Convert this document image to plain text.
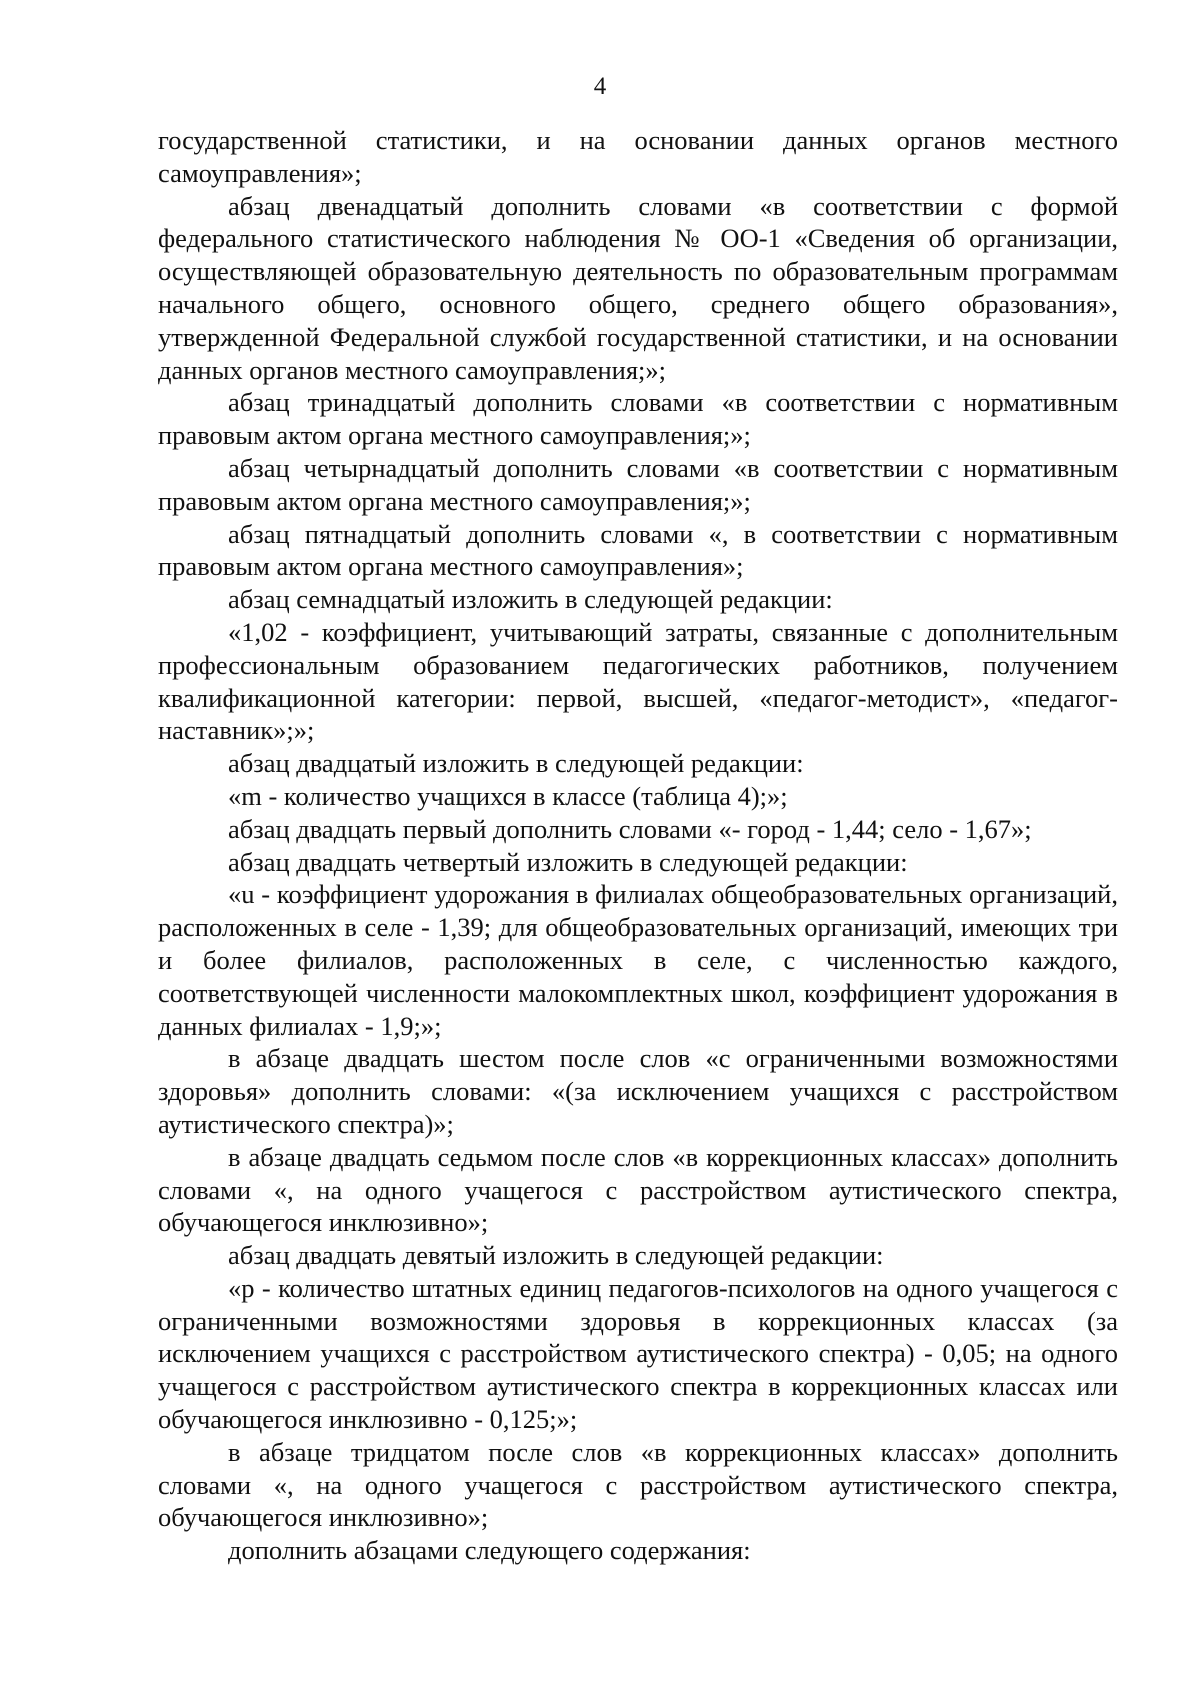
4

государственной статистики, и на основании данных органов местного самоуправления»;

абзац двенадцатый дополнить словами «в соответствии с формой федерального статистического наблюдения № ОО-1 «Сведения об организации, осуществляющей образовательную деятельность по образовательным программам начального общего, основного общего, среднего общего образования», утвержденной Федеральной службой государственной статистики, и на основании данных органов местного самоуправления;»;

абзац тринадцатый дополнить словами «в соответствии с нормативным правовым актом органа местного самоуправления;»;

абзац четырнадцатый дополнить словами «в соответствии с нормативным правовым актом органа местного самоуправления;»;

абзац пятнадцатый дополнить словами «, в соответствии с нормативным правовым актом органа местного самоуправления»;

абзац семнадцатый изложить в следующей редакции:

«1,02 - коэффициент, учитывающий затраты, связанные с дополнительным профессиональным образованием педагогических работников, получением квалификационной категории: первой, высшей, «педагог-методист», «педагог-наставник»;»;

абзац двадцатый изложить в следующей редакции:

«m - количество учащихся в классе (таблица 4);»;

абзац двадцать первый дополнить словами «- город - 1,44; село - 1,67»;

абзац двадцать четвертый изложить в следующей редакции:

«u - коэффициент удорожания в филиалах общеобразовательных организаций, расположенных в селе - 1,39; для общеобразовательных организаций, имеющих три и более филиалов, расположенных в селе, с численностью каждого, соответствующей численности малокомплектных школ, коэффициент удорожания в данных филиалах - 1,9;»;

в абзаце двадцать шестом после слов «с ограниченными возможностями здоровья» дополнить словами: «(за исключением учащихся с расстройством аутистического спектра)»;

в абзаце двадцать седьмом после слов «в коррекционных классах» дополнить словами «, на одного учащегося с расстройством аутистического спектра, обучающегося инклюзивно»;

абзац двадцать девятый изложить в следующей редакции:

«p - количество штатных единиц педагогов-психологов на одного учащегося с ограниченными возможностями здоровья в коррекционных классах (за исключением учащихся с расстройством аутистического спектра) - 0,05; на одного учащегося с расстройством аутистического спектра в коррекционных классах или обучающегося инклюзивно - 0,125;»;

в абзаце тридцатом после слов «в коррекционных классах» дополнить словами «, на одного учащегося с расстройством аутистического спектра, обучающегося инклюзивно»;

дополнить абзацами следующего содержания:
